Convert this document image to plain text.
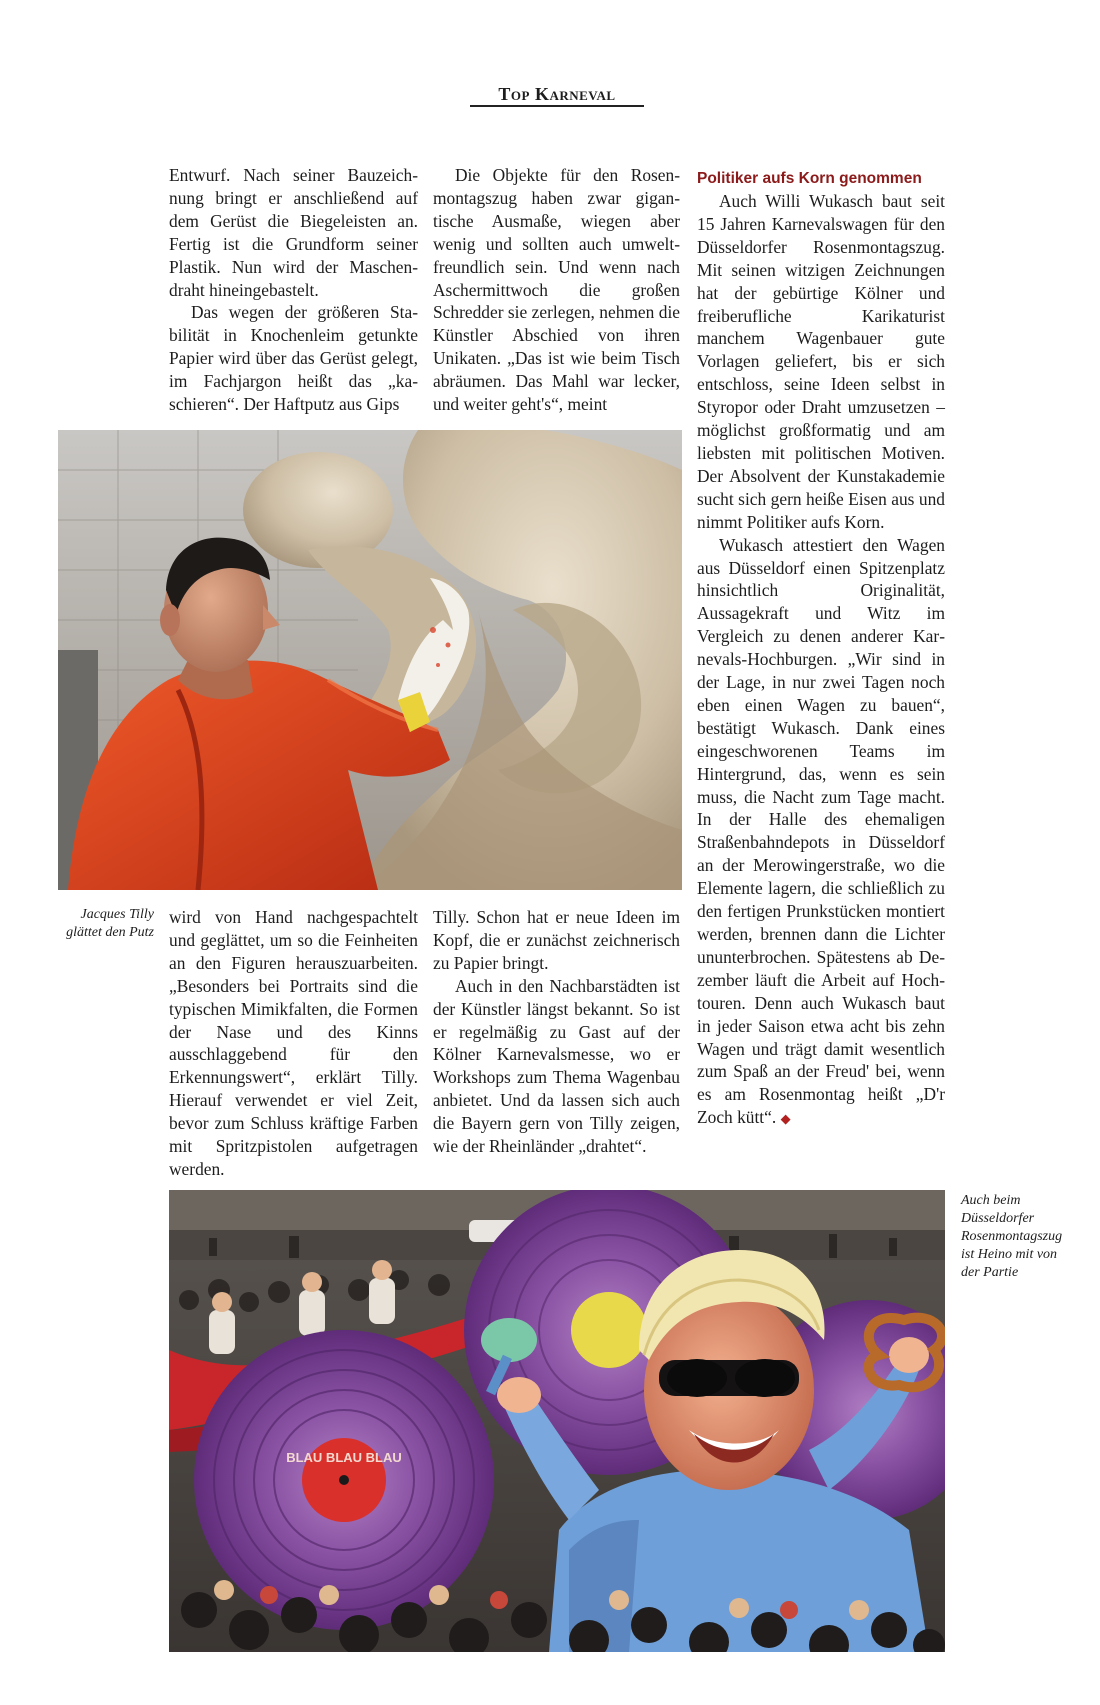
Top Karneval

Entwurf. Nach seiner Bauzeichnung bringt er anschließend auf dem Gerüst die Biegeleisten an. Fertig ist die Grundform seiner Plastik. Nun wird der Maschendraht hineingebastelt.

Das wegen der größeren Stabilität in Knochenleim getunkte Papier wird über das Gerüst gelegt, im Fachjargon heißt das „kaschieren“. Der Haftputz aus Gips

Die Objekte für den Rosenmontagszug haben zwar gigantische Ausmaße, wiegen aber wenig und sollten auch umweltfreundlich sein. Und wenn nach Aschermittwoch die großen Schredder sie zerlegen, nehmen die Künstler Abschied von ihren Unikaten. „Das ist wie beim Tisch abräumen. Das Mahl war lecker, und weiter geht's“, meint

Politiker aufs Korn genommen

Auch Willi Wukasch baut seit 15 Jahren Karnevalswagen für den Düsseldorfer Rosenmontagszug. Mit seinen witzigen Zeichnungen hat der gebürtige Kölner und freiberufliche Karikaturist manchem Wagenbauer gute Vorlagen geliefert, bis er sich entschloss, seine Ideen selbst in Styropor oder Draht umzusetzen – möglichst großformatig und am liebsten mit politischen Motiven. Der Absolvent der Kunstakademie sucht sich gern heiße Eisen aus und nimmt Politiker aufs Korn.

Wukasch attestiert den Wagen aus Düsseldorf einen Spitzenplatz hinsichtlich Originalität, Aussagekraft und Witz im Vergleich zu denen anderer Karnevals-Hochburgen. „Wir sind in der Lage, in nur zwei Tagen noch eben einen Wagen zu bauen“, bestätigt Wukasch. Dank eines eingeschworenen Teams im Hintergrund, das, wenn es sein muss, die Nacht zum Tage macht. In der Halle des ehemaligen Straßenbahndepots in Düsseldorf an der Merowingerstraße, wo die Elemente lagern, die schließlich zu den fertigen Prunkstücken montiert werden, brennen dann die Lichter ununterbrochen. Spätestens ab Dezember läuft die Arbeit auf Hochtouren. Denn auch Wukasch baut in jeder Saison etwa acht bis zehn Wagen und trägt damit wesentlich zum Spaß an der Freud' bei, wenn es am Rosenmontag heißt „D'r Zoch kütt“. ◆

Jacques Tilly glättet den Putz

wird von Hand nachgespachtelt und geglättet, um so die Feinheiten an den Figuren herauszuarbeiten. „Besonders bei Portraits sind die typischen Mimikfalten, die Formen der Nase und des Kinns ausschlaggebend für den Erkennungswert“, erklärt Tilly. Hierauf verwendet er viel Zeit, bevor zum Schluss kräftige Farben mit Spritzpistolen aufgetragen werden.

Tilly. Schon hat er neue Ideen im Kopf, die er zunächst zeichnerisch zu Papier bringt.

Auch in den Nachbarstädten ist der Künstler längst bekannt. So ist er regelmäßig zu Gast auf der Kölner Karnevalsmesse, wo er Workshops zum Thema Wagenbau anbietet. Und da lassen sich auch die Bayern gern von Tilly zeigen, wie der Rheinländer „drahtet“.

BLAU BLAU BLAU
Auch beim Düsseldorfer Rosenmontagszug ist Heino mit von der Partie
